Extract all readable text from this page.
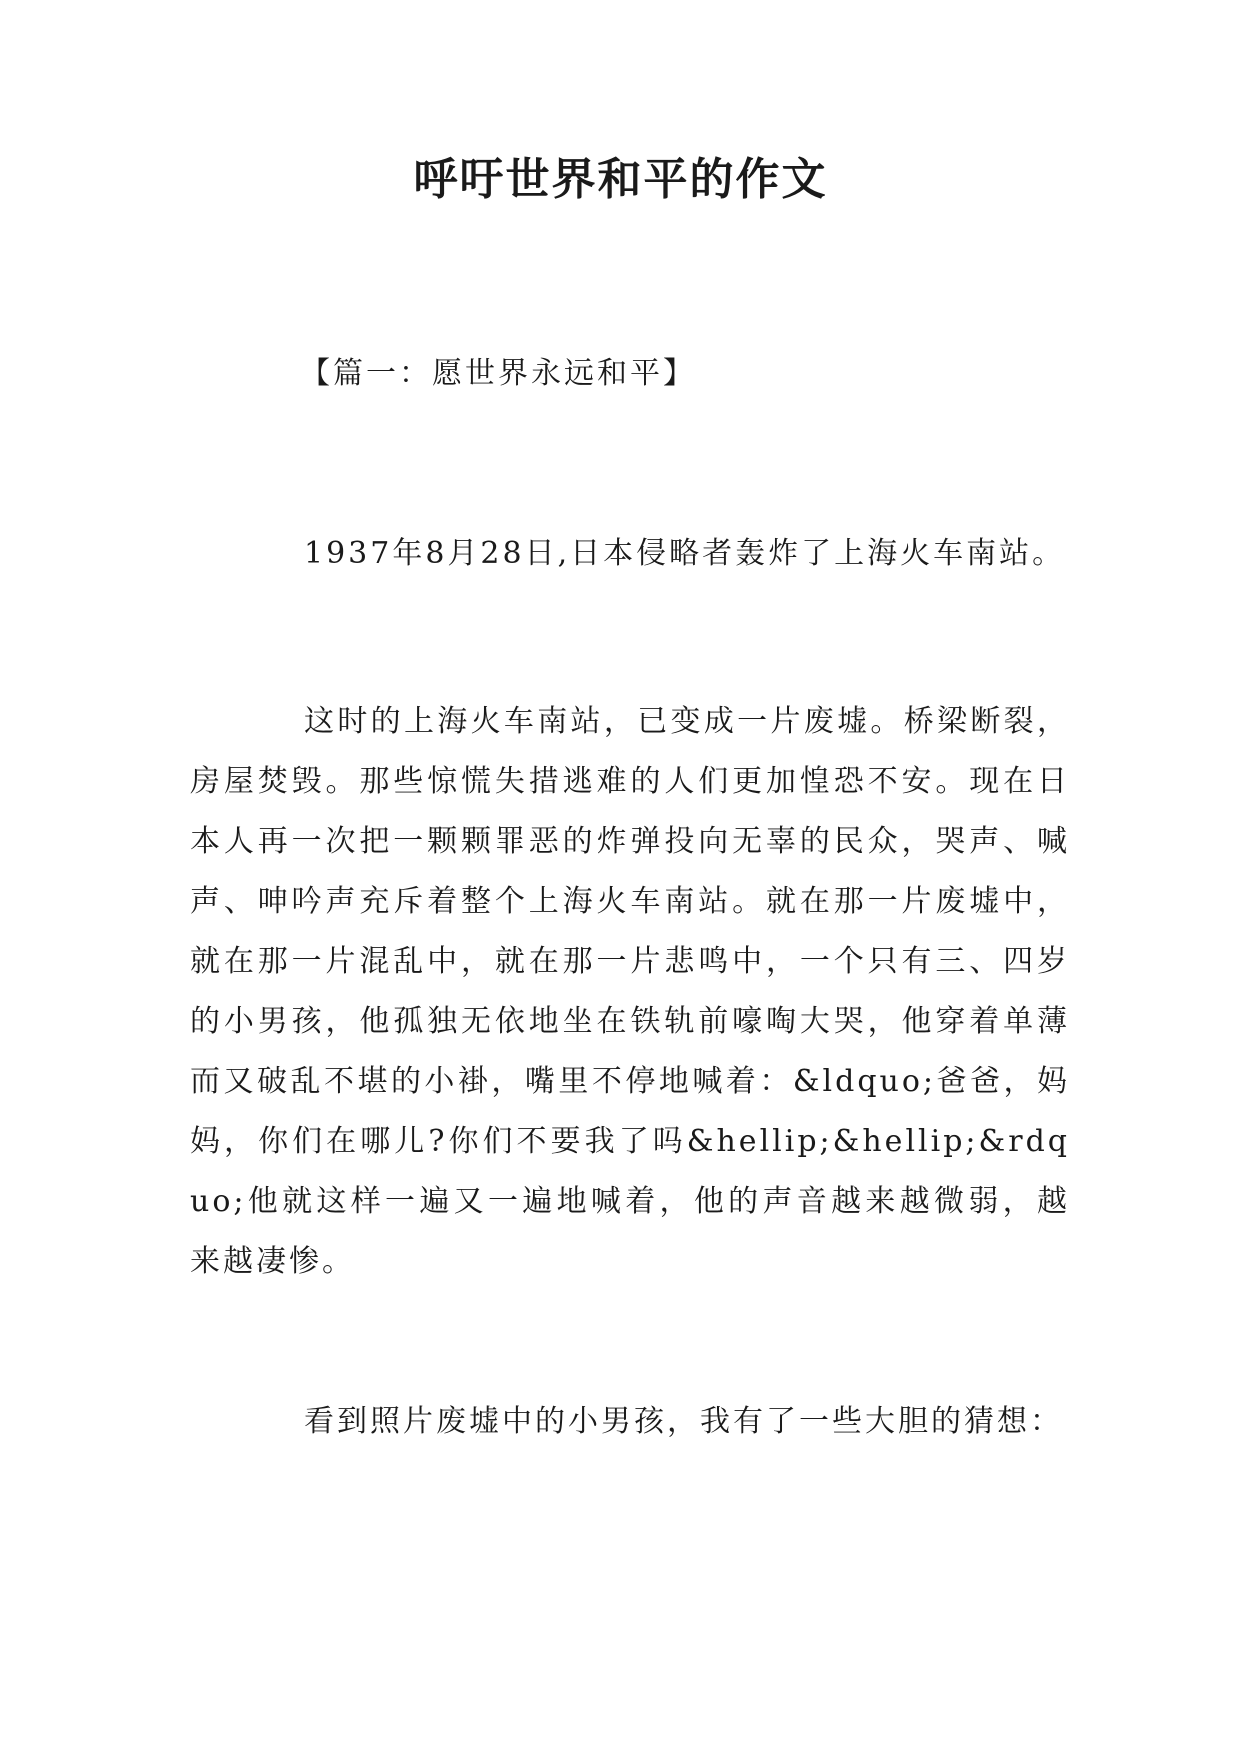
呼吁世界和平的作文

【篇一：愿世界永远和平】

1937年8月28日,日本侵略者轰炸了上海火车南站。

这时的上海火车南站，已变成一片废墟。桥梁断裂，房屋焚毁。那些惊慌失措逃难的人们更加惶恐不安。现在日本人再一次把一颗颗罪恶的炸弹投向无辜的民众，哭声、喊声、呻吟声充斥着整个上海火车南站。就在那一片废墟中，就在那一片混乱中，就在那一片悲鸣中，一个只有三、四岁的小男孩，他孤独无依地坐在铁轨前嚎啕大哭，他穿着单薄而又破乱不堪的小褂，嘴里不停地喊着：&ldquo;爸爸，妈妈，你们在哪儿?你们不要我了吗&hellip;&hellip;&rdquo;他就这样一遍又一遍地喊着，他的声音越来越微弱，越来越凄惨。

看到照片废墟中的小男孩，我有了一些大胆的猜想：
